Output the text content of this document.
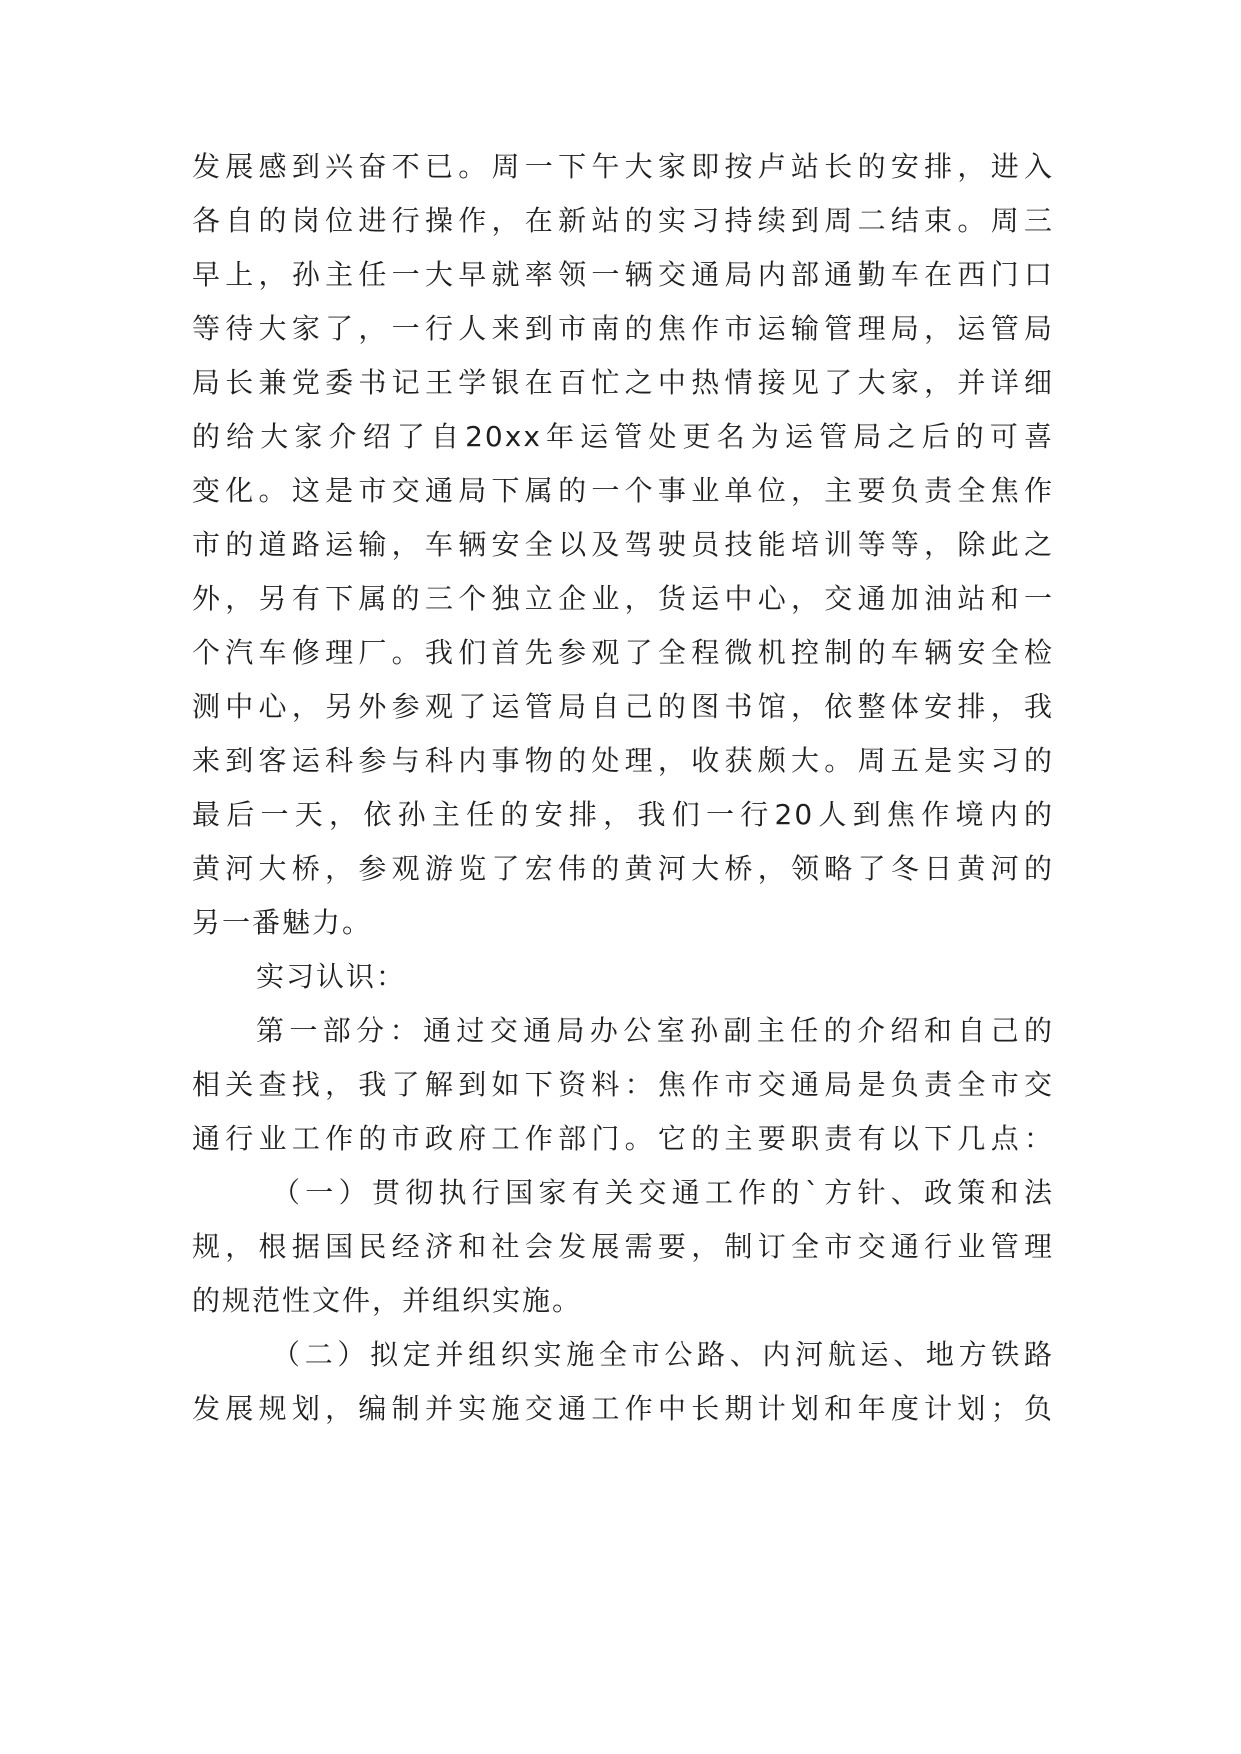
发展感到兴奋不已。周一下午大家即按卢站长的安排，进入
各自的岗位进行操作，在新站的实习持续到周二结束。周三
早上，孙主任一大早就率领一辆交通局内部通勤车在西门口
等待大家了，一行人来到市南的焦作市运输管理局，运管局
局长兼党委书记王学银在百忙之中热情接见了大家，并详细
的给大家介绍了自20xx年运管处更名为运管局之后的可喜
变化。这是市交通局下属的一个事业单位，主要负责全焦作
市的道路运输，车辆安全以及驾驶员技能培训等等，除此之
外，另有下属的三个独立企业，货运中心，交通加油站和一
个汽车修理厂。我们首先参观了全程微机控制的车辆安全检
测中心，另外参观了运管局自己的图书馆，依整体安排，我
来到客运科参与科内事物的处理，收获颇大。周五是实习的
最后一天，依孙主任的安排，我们一行20人到焦作境内的
黄河大桥，参观游览了宏伟的黄河大桥，领略了冬日黄河的
另一番魅力。
实习认识：
第一部分：通过交通局办公室孙副主任的介绍和自己的
相关查找，我了解到如下资料：焦作市交通局是负责全市交
通行业工作的市政府工作部门。它的主要职责有以下几点：
（一）贯彻执行国家有关交通工作的`方针、政策和法
规，根据国民经济和社会发展需要，制订全市交通行业管理
的规范性文件，并组织实施。
（二）拟定并组织实施全市公路、内河航运、地方铁路
发展规划，编制并实施交通工作中长期计划和年度计划；负
